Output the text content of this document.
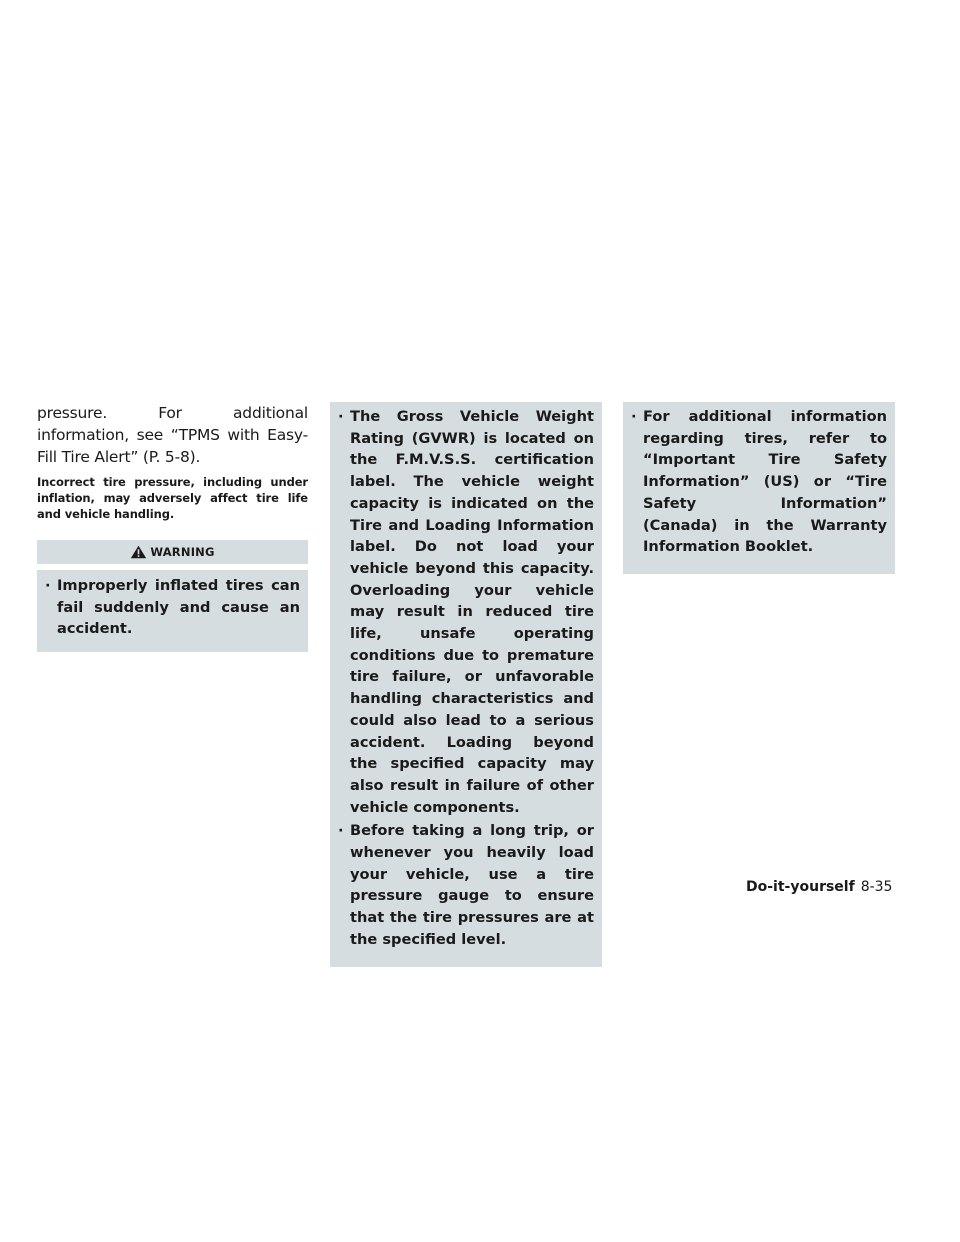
pressure. For additional information, see “TPMS with Easy-Fill Tire Alert” (P. 5-8).

Incorrect tire pressure, including under inflation, may adversely affect tire life and vehicle handling.

WARNING
· Improperly inflated tires can fail suddenly and cause an accident.
· The Gross Vehicle Weight Rating (GVWR) is located on the F.M.V.S.S. certification label. The vehicle weight capacity is indicated on the Tire and Loading Information label. Do not load your vehicle beyond this capacity. Overloading your vehicle may result in reduced tire life, unsafe operating conditions due to premature tire failure, or unfavorable handling characteristics and could also lead to a serious accident. Loading beyond the specified capacity may also result in failure of other vehicle components.
· Before taking a long trip, or whenever you heavily load your vehicle, use a tire pressure gauge to ensure that the tire pressures are at the specified level.
· For additional information regarding tires, refer to “Important Tire Safety Information” (US) or “Tire Safety Information” (Canada) in the Warranty Information Booklet.
Do-it-yourself 8-35
